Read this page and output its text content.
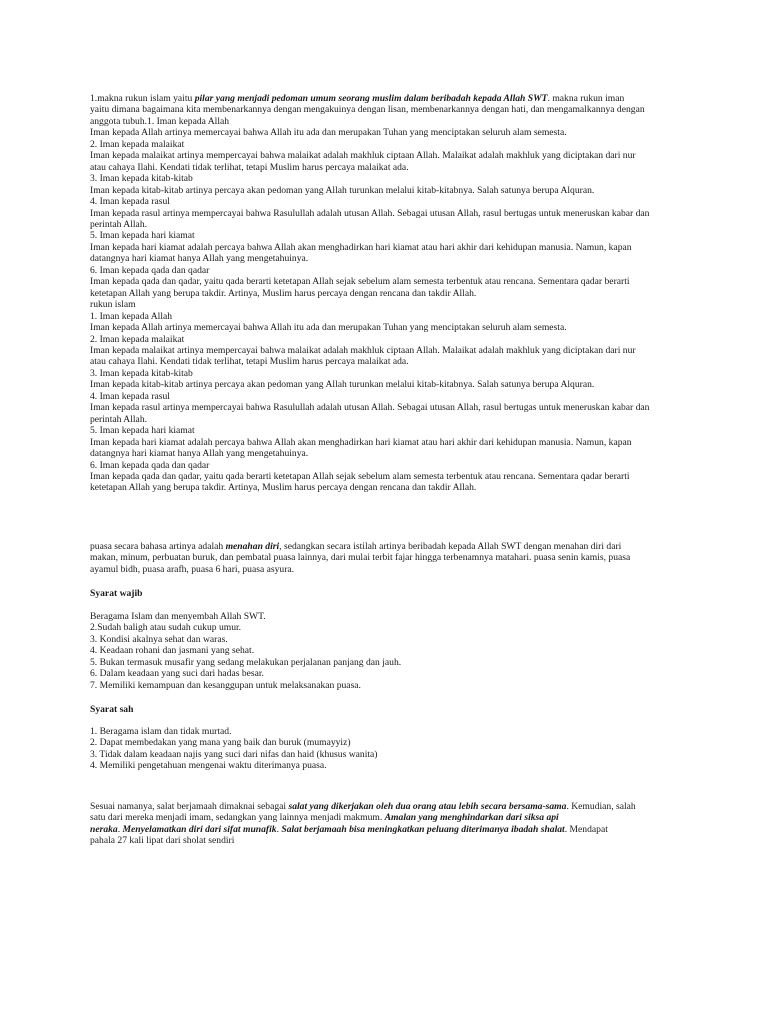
1.makna rukun islam yaitu pilar yang menjadi pedoman umum seorang muslim dalam beribadah kepada Allah SWT. makna rukun iman
yaitu dimana bagaimana kita membenarkannya dengan mengakuinya dengan lisan, membenarkannya dengan hati, dan mengamalkannya dengan
anggota tubuh.1. Iman kepada Allah
Iman kepada Allah artinya memercayai bahwa Allah itu ada dan merupakan Tuhan yang menciptakan seluruh alam semesta.
2. Iman kepada malaikat
Iman kepada malaikat artinya mempercayai bahwa malaikat adalah makhluk ciptaan Allah. Malaikat adalah makhluk yang diciptakan dari nur
atau cahaya Ilahi. Kendati tidak terlihat, tetapi Muslim harus percaya malaikat ada.
3. Iman kepada kitab-kitab
Iman kepada kitab-kitab artinya percaya akan pedoman yang Allah turunkan melalui kitab-kitabnya. Salah satunya berupa Alquran.
4. Iman kepada rasul
Iman kepada rasul artinya mempercayai bahwa Rasulullah adalah utusan Allah. Sebagai utusan Allah, rasul bertugas untuk meneruskan kabar dan
perintah Allah.
5. Iman kepada hari kiamat
Iman kepada hari kiamat adalah percaya bahwa Allah akan menghadirkan hari kiamat atau hari akhir dari kehidupan manusia. Namun, kapan
datangnya hari kiamat hanya Allah yang mengetahuinya.
6. Iman kepada qada dan qadar
Iman kepada qada dan qadar, yaitu qada berarti ketetapan Allah sejak sebelum alam semesta terbentuk atau rencana. Sementara qadar berarti
ketetapan Allah yang berupa takdir. Artinya, Muslim harus percaya dengan rencana dan takdir Allah.
rukun islam
1. Iman kepada Allah
Iman kepada Allah artinya memercayai bahwa Allah itu ada dan merupakan Tuhan yang menciptakan seluruh alam semesta.
2. Iman kepada malaikat
Iman kepada malaikat artinya mempercayai bahwa malaikat adalah makhluk ciptaan Allah. Malaikat adalah makhluk yang diciptakan dari nur
atau cahaya Ilahi. Kendati tidak terlihat, tetapi Muslim harus percaya malaikat ada.
3. Iman kepada kitab-kitab
Iman kepada kitab-kitab artinya percaya akan pedoman yang Allah turunkan melalui kitab-kitabnya. Salah satunya berupa Alquran.
4. Iman kepada rasul
Iman kepada rasul artinya mempercayai bahwa Rasulullah adalah utusan Allah. Sebagai utusan Allah, rasul bertugas untuk meneruskan kabar dan
perintah Allah.
5. Iman kepada hari kiamat
Iman kepada hari kiamat adalah percaya bahwa Allah akan menghadirkan hari kiamat atau hari akhir dari kehidupan manusia. Namun, kapan
datangnya hari kiamat hanya Allah yang mengetahuinya.
6. Iman kepada qada dan qadar
Iman kepada qada dan qadar, yaitu qada berarti ketetapan Allah sejak sebelum alam semesta terbentuk atau rencana. Sementara qadar berarti
ketetapan Allah yang berupa takdir. Artinya, Muslim harus percaya dengan rencana dan takdir Allah.
puasa secara bahasa artinya adalah menahan diri, sedangkan secara istilah artinya beribadah kepada Allah SWT dengan menahan diri dari
makan, minum, perbuatan buruk, dan pembatal puasa lainnya, dari mulai terbit fajar hingga terbenamnya matahari. puasa senin kamis, puasa
ayamul bidh, puasa arafh, puasa 6 hari, puasa asyura.
Syarat wajib
Beragama Islam dan menyembah Allah SWT.
2.Sudah baligh atau sudah cukup umur.
3. Kondisi akalnya sehat dan waras.
4. Keadaan rohani dan jasmani yang sehat.
5. Bukan termasuk musafir yang sedang melakukan perjalanan panjang dan jauh.
6. Dalam keadaan yang suci dari hadas besar.
7. Memiliki kemampuan dan kesanggupan untuk melaksanakan puasa.
Syarat sah
1. Beragama islam dan tidak murtad.
2. Dapat membedakan yang mana yang baik dan buruk (mumayyiz)
3. Tidak dalam keadaan najis yang suci dari nifas dan haid (khusus wanita)
4. Memiliki pengetahuan mengenai waktu diterimanya puasa.
Sesuai namanya, salat berjamaah dimaknai sebagai salat yang dikerjakan oleh dua orang atau lebih secara bersama-sama. Kemudian, salah
satu dari mereka menjadi imam, sedangkan yang lainnya menjadi makmum. Amalan yang menghindarkan dari siksa api
neraka. Menyelamatkan diri dari sifat munafik. Salat berjamaah bisa meningkatkan peluang diterimanya ibadah shalat. Mendapat
pahala 27 kali lipat dari sholat sendiri
